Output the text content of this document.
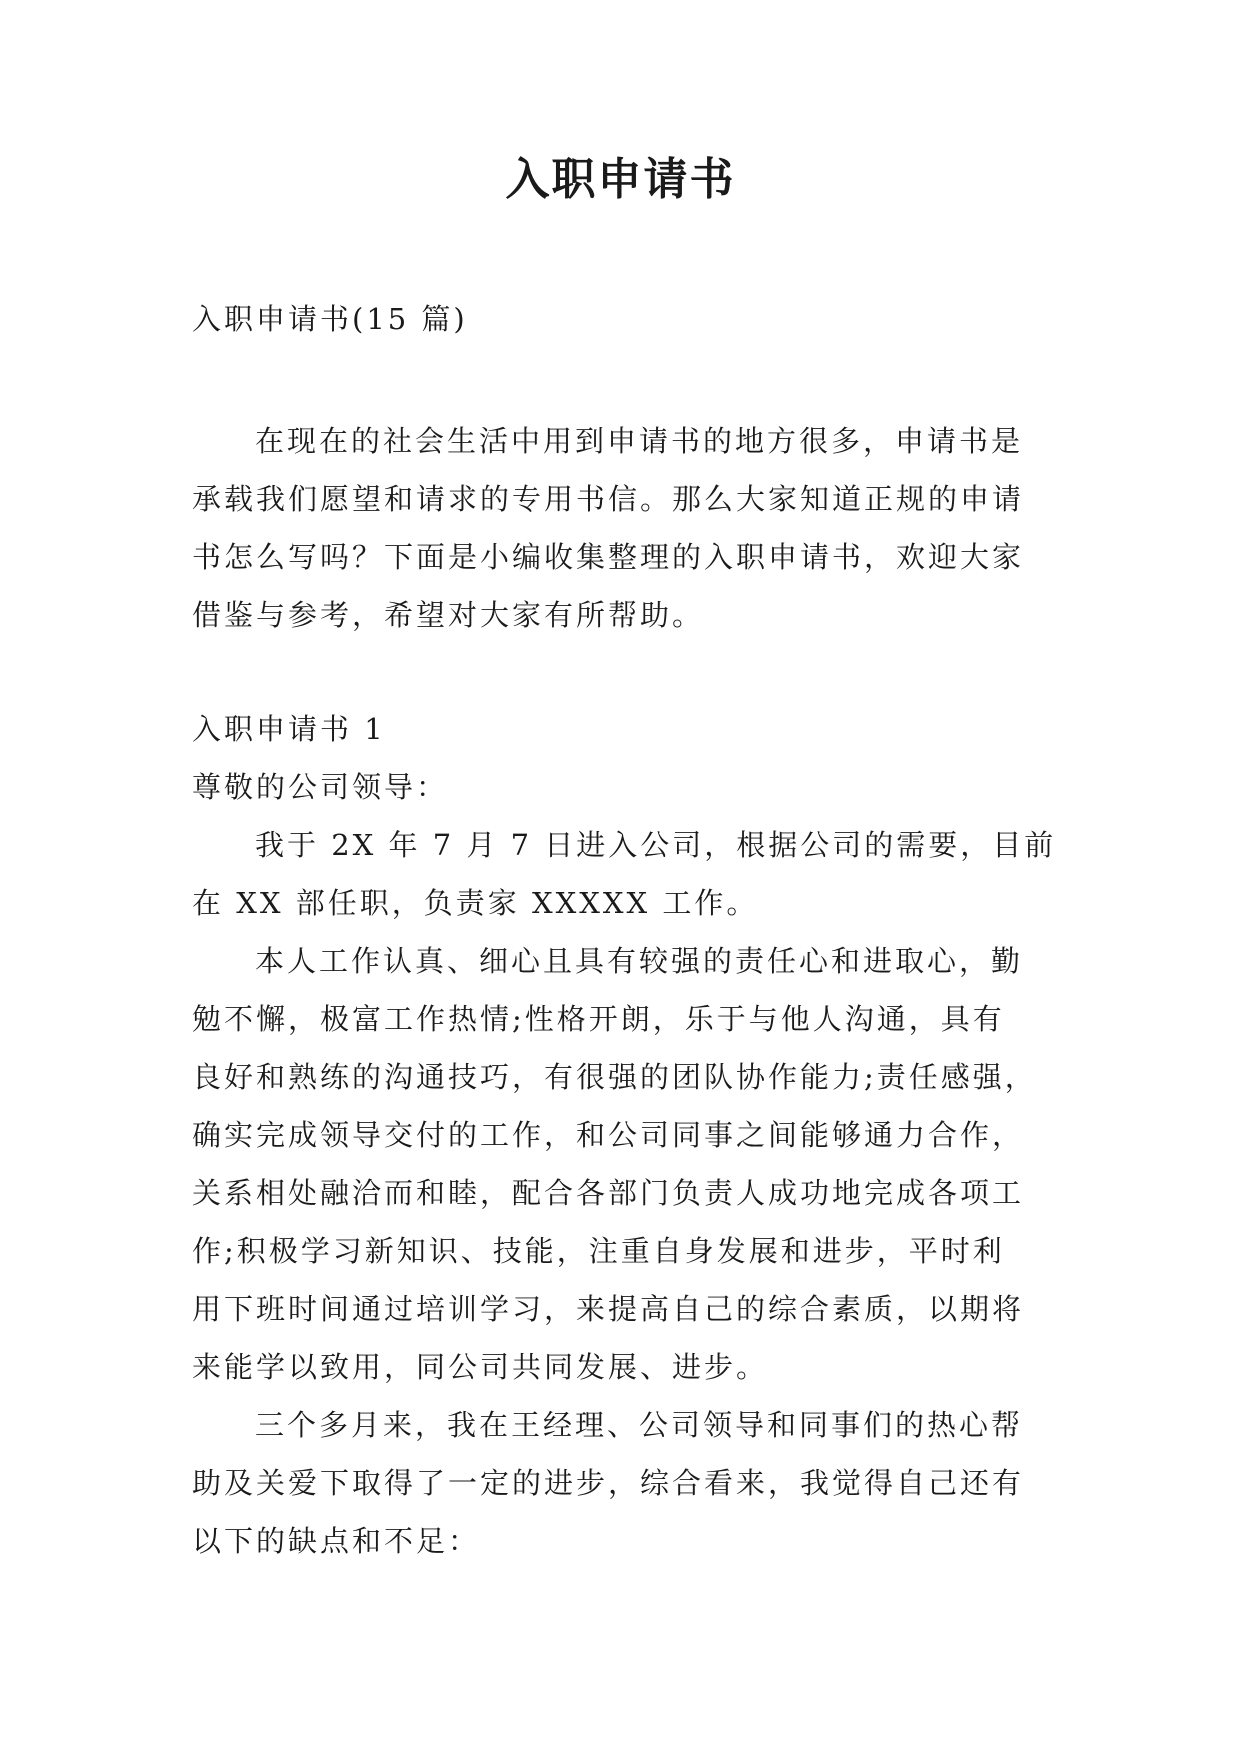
入职申请书
入职申请书(15 篇)
在现在的社会生活中用到申请书的地方很多，申请书是
承载我们愿望和请求的专用书信。那么大家知道正规的申请
书怎么写吗？下面是小编收集整理的入职申请书，欢迎大家
借鉴与参考，希望对大家有所帮助。
入职申请书 1
尊敬的公司领导：
我于 2X 年 7 月 7 日进入公司，根据公司的需要，目前
在 XX 部任职，负责家 XXXXX 工作。
本人工作认真、细心且具有较强的责任心和进取心，勤
勉不懈，极富工作热情;性格开朗，乐于与他人沟通，具有
良好和熟练的沟通技巧，有很强的团队协作能力;责任感强，
确实完成领导交付的工作，和公司同事之间能够通力合作，
关系相处融洽而和睦，配合各部门负责人成功地完成各项工
作;积极学习新知识、技能，注重自身发展和进步，平时利
用下班时间通过培训学习，来提高自己的综合素质，以期将
来能学以致用，同公司共同发展、进步。
三个多月来，我在王经理、公司领导和同事们的热心帮
助及关爱下取得了一定的进步，综合看来，我觉得自己还有
以下的缺点和不足：
